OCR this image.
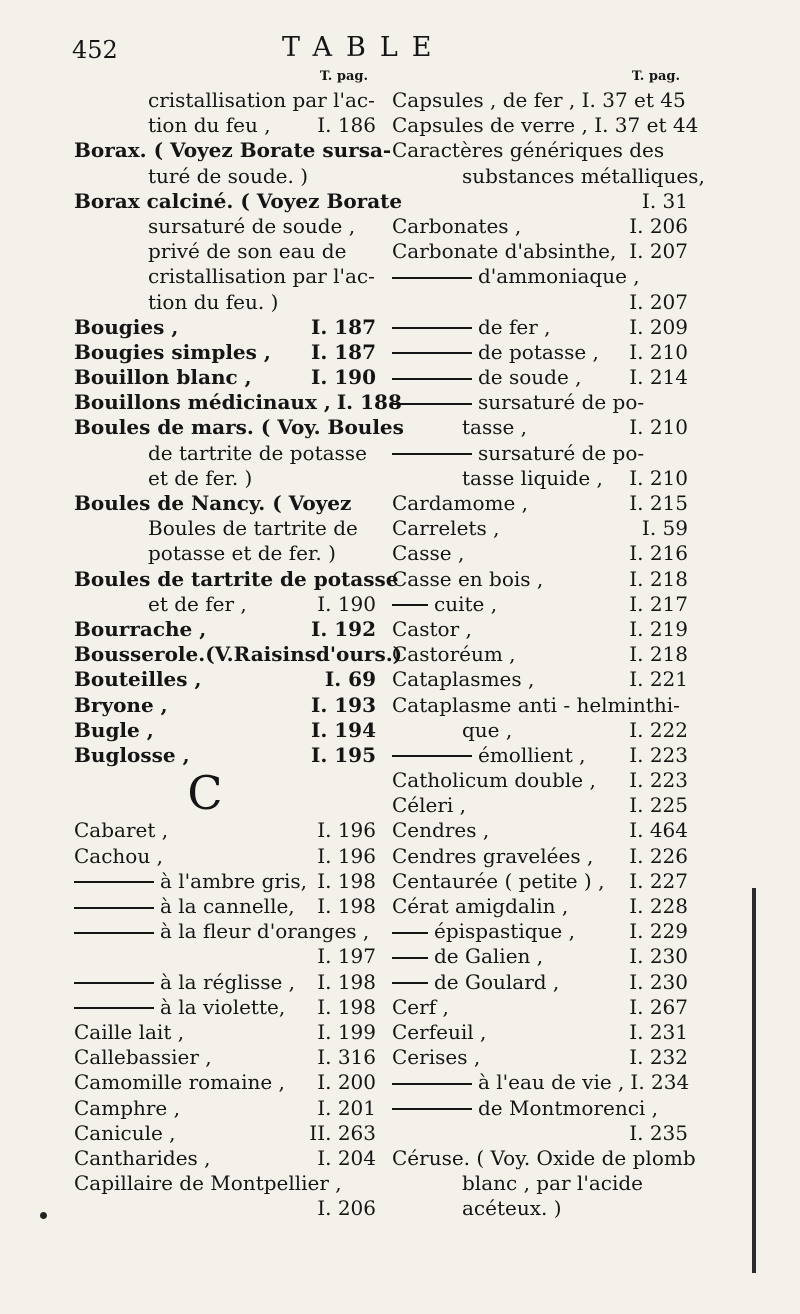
452	TABLE
T. pag.
cristallisation par l'ac-
tion du feu ,	I. 186
Borax. ( Voyez Borate sursa-
turé de soude. )
Borax calciné. ( Voyez Borate
sursaturé de soude ,
privé de son eau de
cristallisation par l'ac-
tion du feu. )
Bougies ,	I. 187
Bougies simples ,	I. 187
Bouillon blanc ,	I. 190
Bouillons médicinaux , I. 188
Boules de mars. ( Voy. Boules
de tartrite de potasse
et de fer. )
Boules de Nancy. ( Voyez
Boules de tartrite de
potasse et de fer. )
Boules de tartrite de potasse
et de fer ,	I. 190
Bourrache ,	I. 192
Bousserole.(V.Raisinsd'ours.)
Bouteilles ,	I. 69
Bryone ,	I. 193
Bugle ,	I. 194
Buglosse ,	I. 195
C
Cabaret ,	I. 196
Cachou ,	I. 196
à l'ambre gris, I. 198
à la cannelle,	I. 198
à la fleur d'oranges ,
I. 197
à la réglisse ,	I. 198
à la violette,	I. 198
Caille lait ,	I. 199
Callebassier ,	I. 316
Camomille romaine ,	I. 200
Camphre ,	I. 201
Canicule ,	II. 263
Cantharides ,	I. 204
Capillaire de Montpellier ,
I. 206
T. pag.
Capsules , de fer , I. 37 et 45
Capsules de verre , I. 37 et 44
Caractères génériques des
substances métalliques,
I. 31
Carbonates ,	I. 206
Carbonate d'absinthe, I. 207
d'ammoniaque ,
I. 207
de fer ,	I. 209
de potasse ,	I. 210
de soude ,	I. 214
sursaturé de po-
tasse ,	I. 210
sursaturé de po-
tasse liquide ,	I. 210
Cardamome ,	I. 215
Carrelets ,	I. 59
Casse ,	I. 216
Casse en bois ,	I. 218
cuite ,	I. 217
Castor ,	I. 219
Castoréum ,	I. 218
Cataplasmes ,	I. 221
Cataplasme anti - helminthi-
que ,	I. 222
émollient ,	I. 223
Catholicum double ,	I. 223
Céleri ,	I. 225
Cendres ,	I. 464
Cendres gravelées ,	I. 226
Centaurée ( petite ) ,	I. 227
Cérat amigdalin ,	I. 228
épispastique ,	I. 229
de Galien ,	I. 230
de Goulard ,	I. 230
Cerf ,	I. 267
Cerfeuil ,	I. 231
Cerises ,	I. 232
à l'eau de vie , I. 234
de Montmorenci ,
I. 235
Céruse. ( Voy. Oxide de plomb
blanc , par l'acide
acéteux. )
